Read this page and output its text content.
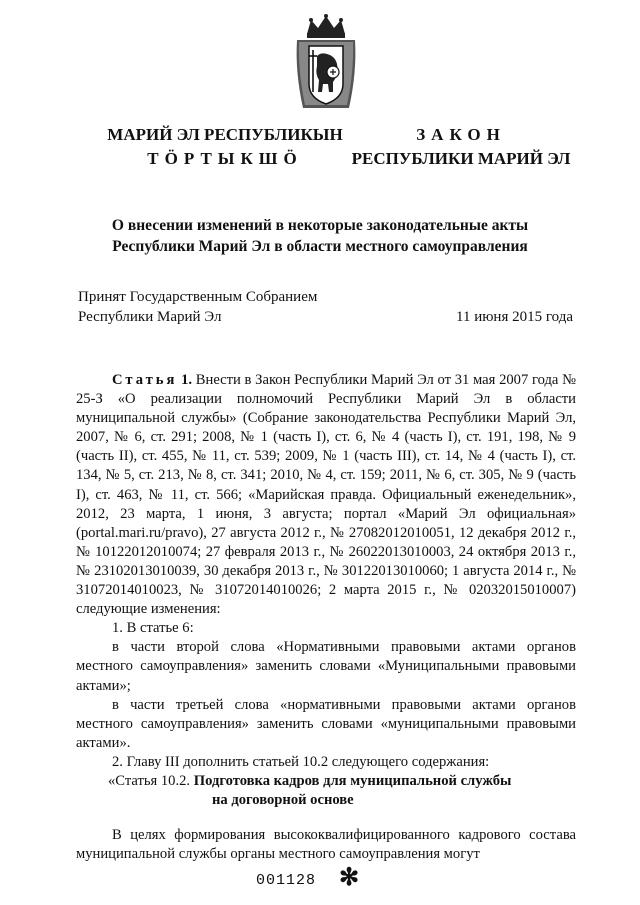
МАРИЙ ЭЛ РЕСПУБЛИКЫН
ТӦРТЫКШӦ
ЗАКОН
РЕСПУБЛИКИ МАРИЙ ЭЛ
О внесении изменений в некоторые законодательные акты
Республики Марий Эл в области местного самоуправления
Принят Государственным Собранием
Республики Марий Эл	11 июня 2015 года

Статья 1. Внести в Закон Республики Марий Эл от 31 мая 2007 года № 25-З «О реализации полномочий Республики Марий Эл в области муниципальной службы» (Собрание законодательства Республики Марий Эл, 2007, № 6, ст. 291; 2008, № 1 (часть I), ст. 6, № 4 (часть I), ст. 191, 198, № 9 (часть II), ст. 455, № 11, ст. 539; 2009, № 1 (часть III), ст. 14, № 4 (часть I), ст. 134, № 5, ст. 213, № 8, ст. 341; 2010, № 4, ст. 159; 2011, № 6, ст. 305, № 9 (часть I), ст. 463, № 11, ст. 566; «Марийская правда. Официальный еженедельник», 2012, 23 марта, 1 июня, 3 августа; портал «Марий Эл официальная» (portal.mari.ru/pravo), 27 августа 2012 г., № 27082012010051, 12 декабря 2012 г., № 10122012010074; 27 февраля 2013 г., № 26022013010003, 24 октября 2013 г., № 23102013010039, 30 декабря 2013 г., № 30122013010060; 1 августа 2014 г., № 31072014010023, № 31072014010026; 2 марта 2015 г., № 02032015010007) следующие изменения:

1. В статье 6:

в части второй слова «Нормативными правовыми актами органов местного самоуправления» заменить словами «Муниципальными правовыми актами»;

в части третьей слова «нормативными правовыми актами органов местного самоуправления» заменить словами «муниципальными правовыми актами».

2. Главу III дополнить статьей 10.2 следующего содержания:

«Статья 10.2. Подготовка кадров для муниципальной службы
на договорной основе

В целях формирования высококвалифицированного кадрового состава муниципальной службы органы местного самоуправления могут

001128 ✻
